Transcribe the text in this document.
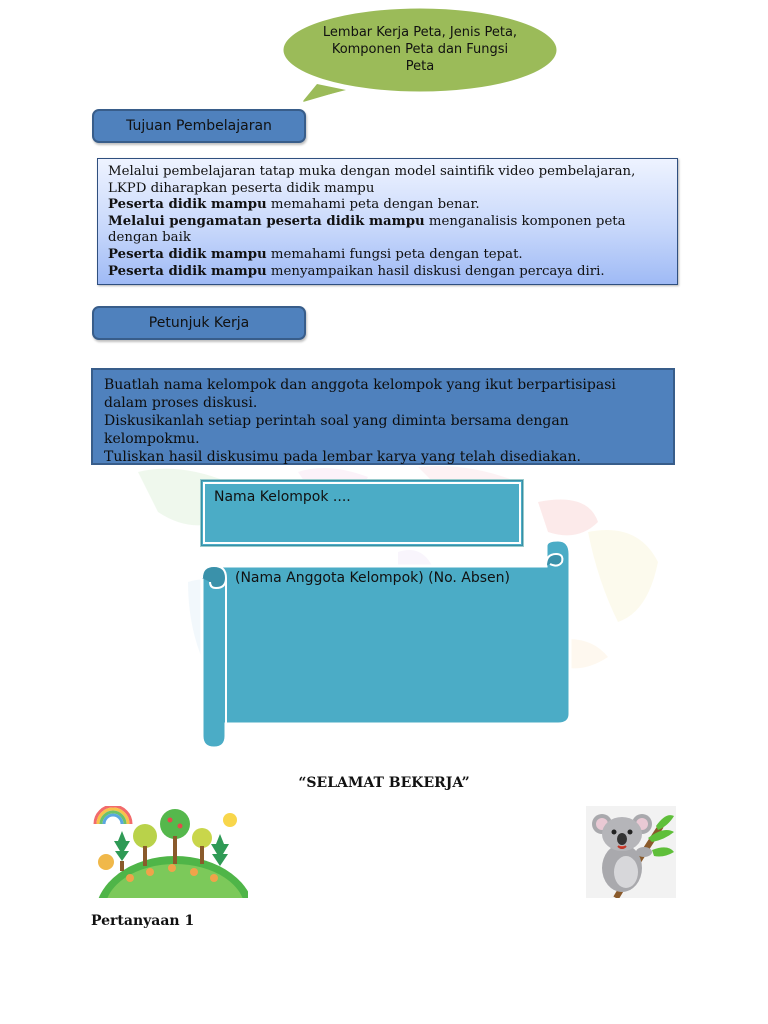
Lembar Kerja Peta, Jenis Peta, Komponen Peta dan Fungsi Peta
Tujuan Pembelajaran

Melalui pembelajaran tatap muka dengan model saintifik video pembelajaran, LKPD diharapkan peserta didik mampu

Peserta didik mampu memahami peta dengan benar.

Melalui pengamatan peserta didik mampu menganalisis komponen peta dengan baik

Peserta didik mampu memahami fungsi peta dengan tepat.

Peserta didik mampu menyampaikan hasil diskusi dengan percaya diri.

Petunjuk Kerja

Buatlah nama kelompok dan anggota kelompok yang ikut berpartisipasi dalam proses diskusi.

Diskusikanlah setiap perintah soal yang diminta bersama dengan kelompokmu.

Tuliskan hasil diskusimu pada lembar karya yang telah disediakan.

Nama Kelompok ....
(Nama Anggota Kelompok) (No. Absen)
“SELAMAT BEKERJA”
Pertanyaan 1
